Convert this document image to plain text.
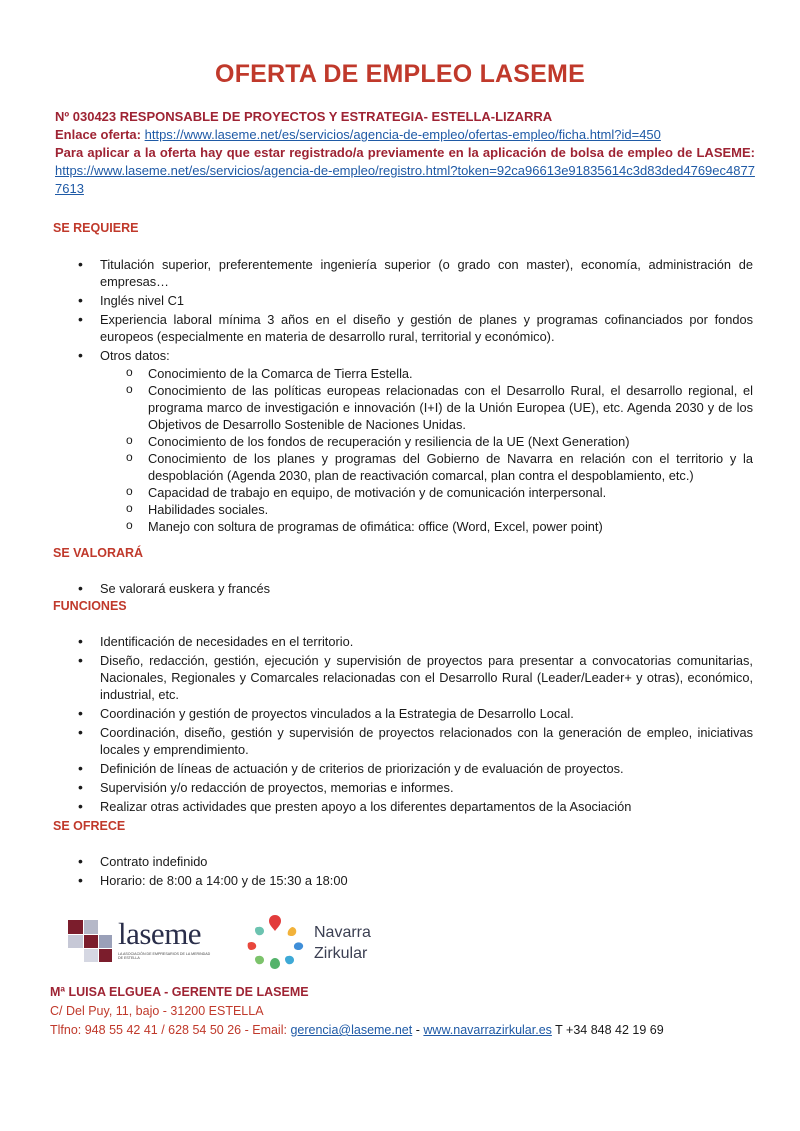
OFERTA DE EMPLEO LASEME
Nº 030423 RESPONSABLE DE PROYECTOS Y ESTRATEGIA- ESTELLA-LIZARRA
Enlace oferta: https://www.laseme.net/es/servicios/agencia-de-empleo/ofertas-empleo/ficha.html?id=450
Para aplicar a la oferta hay que estar registrado/a previamente en la aplicación de bolsa de empleo de LASEME: https://www.laseme.net/es/servicios/agencia-de-empleo/registro.html?token=92ca96613e91835614c3d83ded4769ec48777613
SE REQUIERE
• Titulación superior, preferentemente ingeniería superior (o grado con master), economía, administración de empresas…
• Inglés nivel C1
• Experiencia laboral mínima 3 años en el diseño y gestión de planes y programas cofinanciados por fondos europeos (especialmente en materia de desarrollo rural, territorial y económico).
• Otros datos:
o Conocimiento de la Comarca de Tierra Estella.
o Conocimiento de las políticas europeas relacionadas con el Desarrollo Rural, el desarrollo regional, el programa marco de investigación e innovación (I+I) de la Unión Europea (UE), etc. Agenda 2030 y de los Objetivos de Desarrollo Sostenible de Naciones Unidas.
o Conocimiento de los fondos de recuperación y resiliencia de la UE (Next Generation)
o Conocimiento de los planes y programas del Gobierno de Navarra en relación con el territorio y la despoblación (Agenda 2030, plan de reactivación comarcal, plan contra el despoblamiento, etc.)
o Capacidad de trabajo en equipo, de motivación y de comunicación interpersonal.
o Habilidades sociales.
o Manejo con soltura de programas de ofimática: office (Word, Excel, power point)
SE VALORARÁ
• Se valorará euskera y francés
FUNCIONES
• Identificación de necesidades en el territorio.
• Diseño, redacción, gestión, ejecución y supervisión de proyectos para presentar a convocatorias comunitarias, Nacionales, Regionales y Comarcales relacionadas con el Desarrollo Rural (Leader/Leader+ y otras), económico, industrial, etc.
• Coordinación y gestión de proyectos vinculados a la Estrategia de Desarrollo Local.
• Coordinación, diseño, gestión y supervisión de proyectos relacionados con la generación de empleo, iniciativas locales y emprendimiento.
• Definición de líneas de actuación y de criterios de priorización y de evaluación de proyectos.
• Supervisión y/o redacción de proyectos, memorias e informes.
• Realizar otras actividades que presten apoyo a los diferentes departamentos de la Asociación
SE OFRECE
• Contrato indefinido
• Horario: de 8:00 a 14:00 y de 15:30 a 18:00
laseme
LA ASOCIACIÓN DE EMPRESARIOS DE LA MERINDAD DE ESTELLA
Navarra
Zirkular
Mª LUISA ELGUEA - GERENTE DE LASEME
C/ Del Puy, 11, bajo - 31200 ESTELLA
Tlfno: 948 55 42 41 / 628 54 50 26 - Email: gerencia@laseme.net - www.navarrazirkular.es T +34 848 42 19 69
